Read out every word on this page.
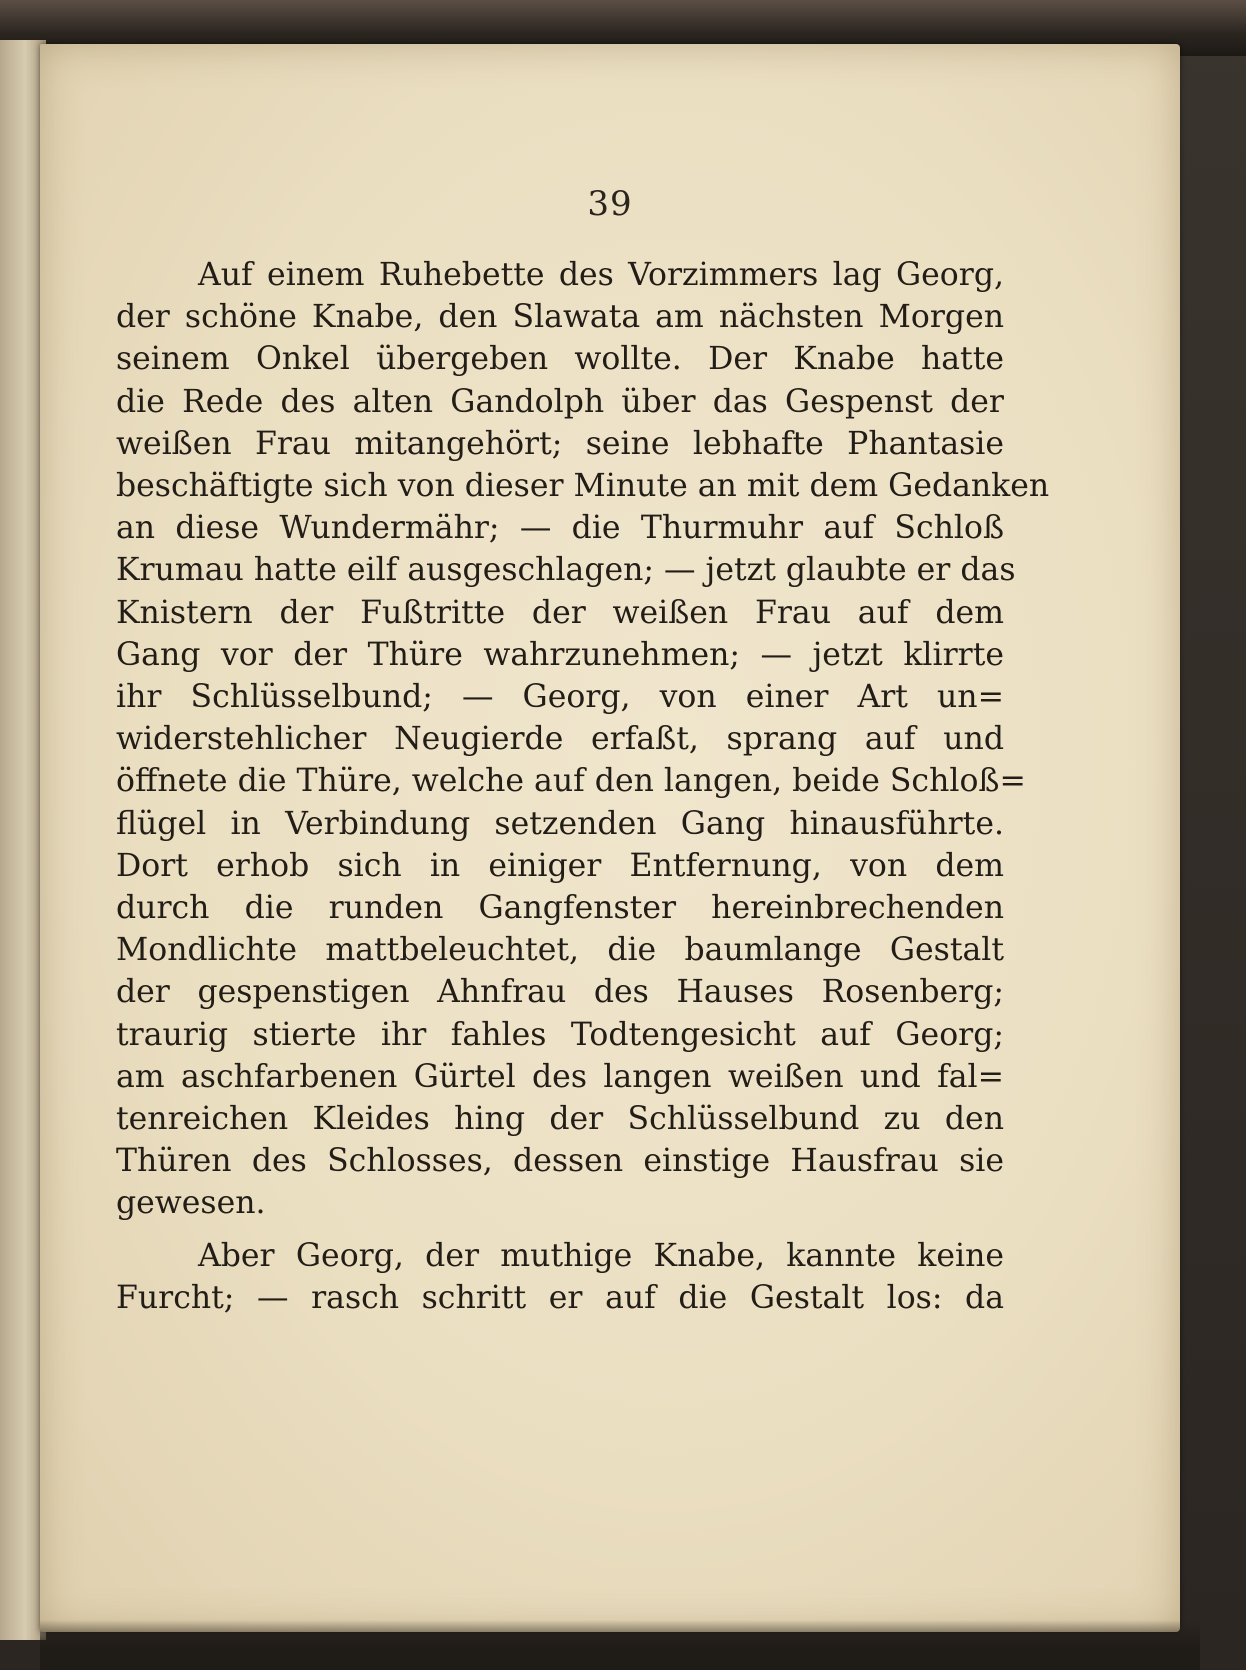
39
Auf einem Ruhebette des Vorzimmers lag Georg,
der schöne Knabe, den Slawata am nächsten Morgen
seinem Onkel übergeben wollte. Der Knabe hatte
die Rede des alten Gandolph über das Gespenst der
weißen Frau mitangehört; seine lebhafte Phantasie
beschäftigte sich von dieser Minute an mit dem Gedanken
an diese Wundermähr; — die Thurmuhr auf Schloß
Krumau hatte eilf ausgeschlagen; — jetzt glaubte er das
Knistern der Fußtritte der weißen Frau auf dem
Gang vor der Thüre wahrzunehmen; — jetzt klirrte
ihr Schlüsselbund; — Georg, von einer Art un=
widerstehlicher Neugierde erfaßt, sprang auf und
öffnete die Thüre, welche auf den langen, beide Schloß=
flügel in Verbindung setzenden Gang hinausführte.
Dort erhob sich in einiger Entfernung, von dem
durch die runden Gangfenster hereinbrechenden
Mondlichte mattbeleuchtet, die baumlange Gestalt
der gespenstigen Ahnfrau des Hauses Rosenberg;
traurig stierte ihr fahles Todtengesicht auf Georg;
am aschfarbenen Gürtel des langen weißen und fal=
tenreichen Kleides hing der Schlüsselbund zu den
Thüren des Schlosses, dessen einstige Hausfrau sie
gewesen.
Aber Georg, der muthige Knabe, kannte keine
Furcht; — rasch schritt er auf die Gestalt los: da
